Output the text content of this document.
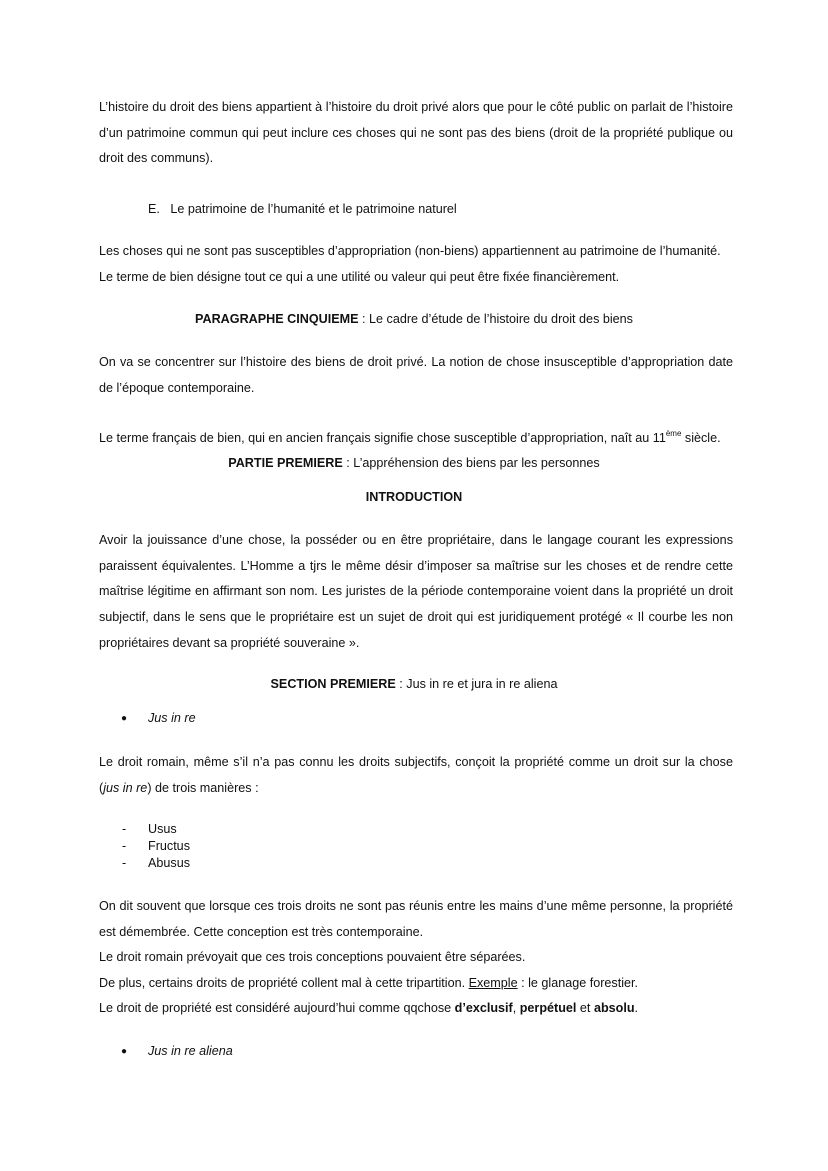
L’histoire du droit des biens appartient à l’histoire du droit privé alors que pour le côté public on parlait de l’histoire d’un patrimoine commun qui peut inclure ces choses qui ne sont pas des biens (droit de la propriété publique ou droit des communs).

E. Le patrimoine de l’humanité et le patrimoine naturel

Les choses qui ne sont pas susceptibles d’appropriation (non-biens) appartiennent au patrimoine de l’humanité.

Le terme de bien désigne tout ce qui a une utilité ou valeur qui peut être fixée financièrement.

PARAGRAPHE CINQUIEME : Le cadre d’étude de l’histoire du droit des biens

On va se concentrer sur l’histoire des biens de droit privé. La notion de chose insusceptible d’appropriation date de l’époque contemporaine.

Le terme français de bien, qui en ancien français signifie chose susceptible d’appropriation, naît au 11ème siècle.

PARTIE PREMIERE : L’appréhension des biens par les personnes

INTRODUCTION

Avoir la jouissance d’une chose, la posséder ou en être propriétaire, dans le langage courant les expressions paraissent équivalentes. L’Homme a tjrs le même désir d’imposer sa maîtrise sur les choses et de rendre cette maîtrise légitime en affirmant son nom. Les juristes de la période contemporaine voient dans la propriété un droit subjectif, dans le sens que le propriétaire est un sujet de droit qui est juridiquement protégé « Il courbe les non propriétaires devant sa propriété souveraine ».

SECTION PREMIERE : Jus in re et jura in re aliena

● Jus in re

Le droit romain, même s’il n’a pas connu les droits subjectifs, conçoit la propriété comme un droit sur la chose (jus in re) de trois manières :

- Usus

- Fructus

- Abusus

On dit souvent que lorsque ces trois droits ne sont pas réunis entre les mains d’une même personne, la propriété est démembrée. Cette conception est très contemporaine.

Le droit romain prévoyait que ces trois conceptions pouvaient être séparées.

De plus, certains droits de propriété collent mal à cette tripartition. Exemple : le glanage forestier.

Le droit de propriété est considéré aujourd’hui comme qqchose d’exclusif, perpétuel et absolu.

● Jus in re aliena
